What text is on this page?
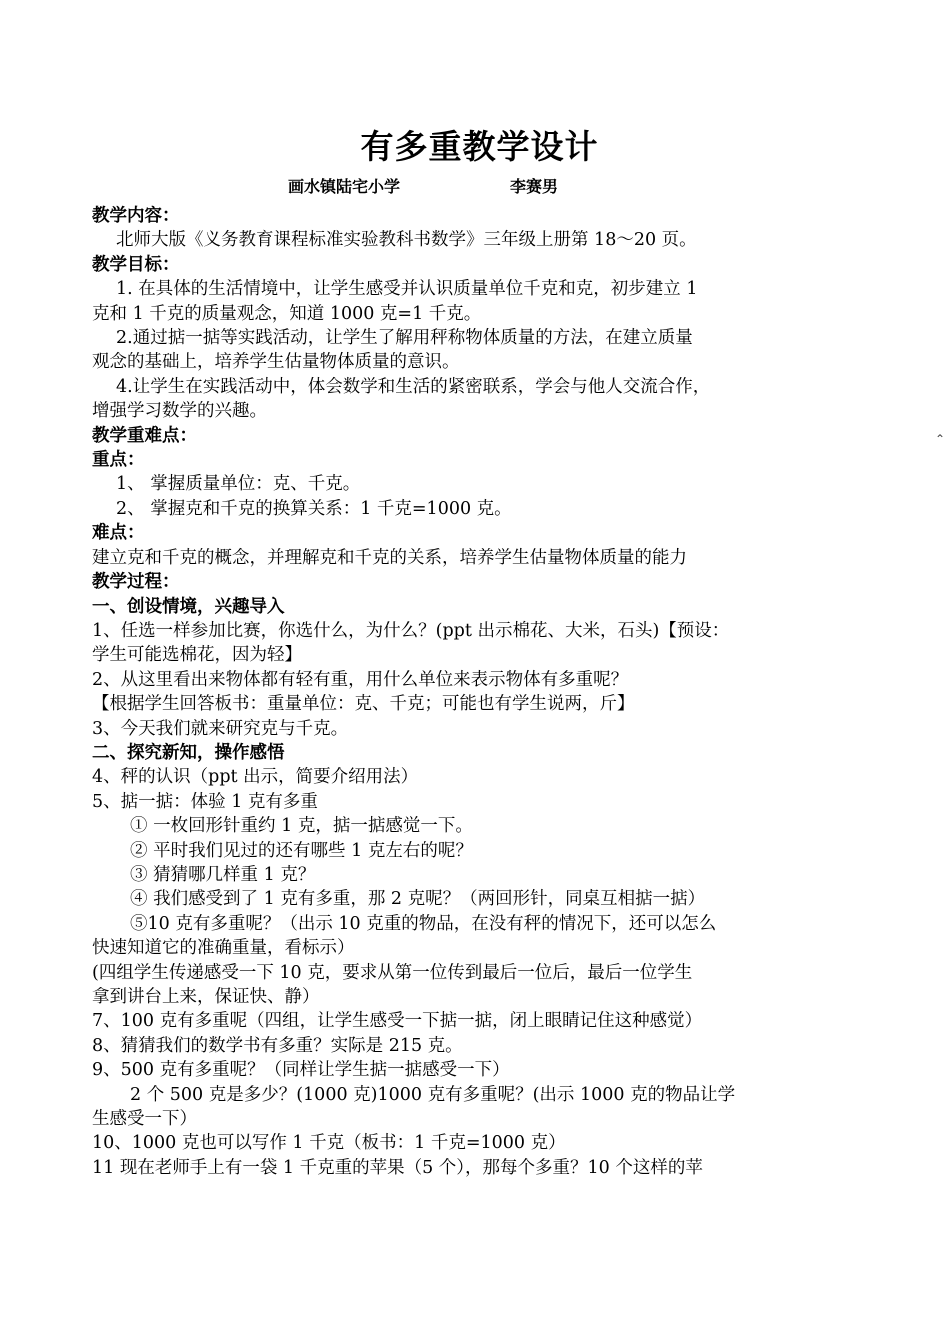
有多重教学设计
画水镇陆宅小学	李赛男
教学内容：
北师大版《义务教育课程标准实验教科书数学》三年级上册第 18～20 页。
教学目标：
1. 在具体的生活情境中，让学生感受并认识质量单位千克和克，初步建立 1
克和 1 千克的质量观念，知道 1000 克=1 千克。
2.通过掂一掂等实践活动，让学生了解用秤称物体质量的方法，在建立质量
观念的基础上，培养学生估量物体质量的意识。
4.让学生在实践活动中，体会数学和生活的紧密联系，学会与他人交流合作，
增强学习数学的兴趣。
教学重难点：
重点：
1、 掌握质量单位：克、千克。
2、 掌握克和千克的换算关系：1 千克=1000 克。
难点：
建立克和千克的概念，并理解克和千克的关系，培养学生估量物体质量的能力
教学过程：
一、创设情境，兴趣导入
1、任选一样参加比赛，你选什么，为什么？(ppt 出示棉花、大米，石头)【预设：
学生可能选棉花，因为轻】
2、从这里看出来物体都有轻有重，用什么单位来表示物体有多重呢？
【根据学生回答板书：重量单位：克、千克；可能也有学生说两，斤】
3、今天我们就来研究克与千克。
二、探究新知，操作感悟
4、秤的认识（ppt 出示，简要介绍用法）
5、掂一掂：体验 1 克有多重
① 一枚回形针重约 1 克，掂一掂感觉一下。
② 平时我们见过的还有哪些 1 克左右的呢？
③ 猜猜哪几样重 1 克？
④ 我们感受到了 1 克有多重，那 2 克呢？（两回形针，同桌互相掂一掂）
⑤10 克有多重呢？（出示 10 克重的物品，在没有秤的情况下，还可以怎么
快速知道它的准确重量，看标示）
(四组学生传递感受一下 10 克，要求从第一位传到最后一位后，最后一位学生
拿到讲台上来，保证快、静）
7、100 克有多重呢（四组，让学生感受一下掂一掂，闭上眼睛记住这种感觉）
8、猜猜我们的数学书有多重？实际是 215 克。
9、500 克有多重呢？（同样让学生掂一掂感受一下）
2 个 500 克是多少？(1000 克)1000 克有多重呢？(出示 1000 克的物品让学
生感受一下）
10、1000 克也可以写作 1 千克（板书：1 千克=1000 克）
11 现在老师手上有一袋 1 千克重的苹果（5 个），那每个多重？10 个这样的苹
⌃
